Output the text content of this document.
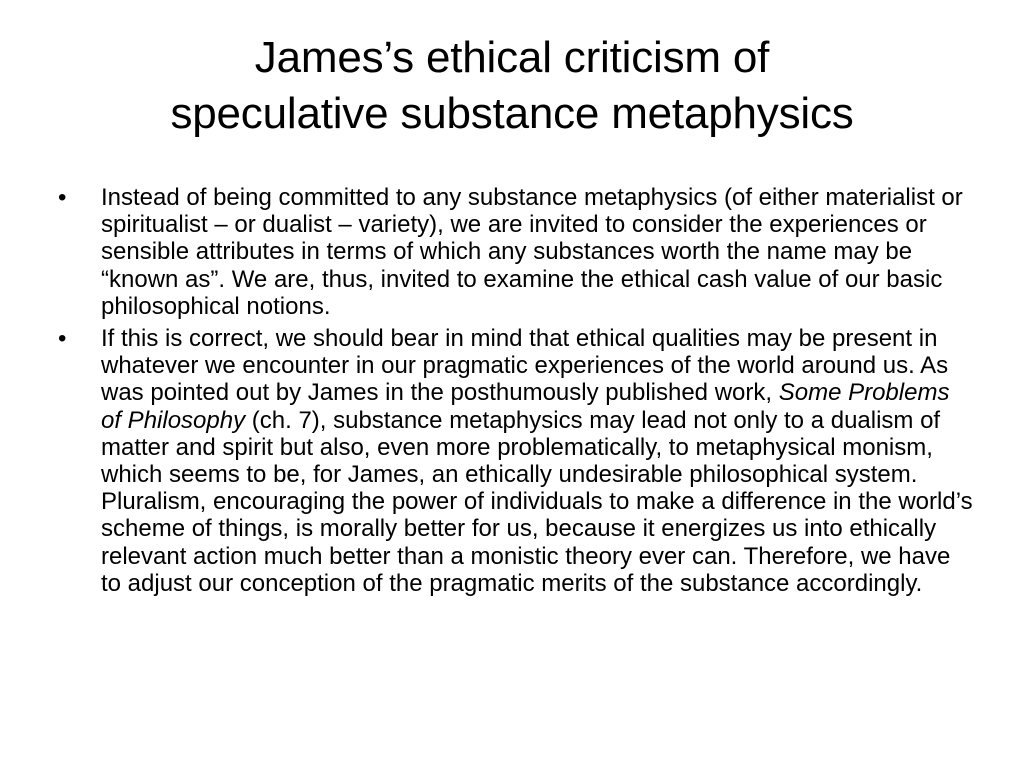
James’s ethical criticism of
speculative substance metaphysics
•	Instead of being committed to any substance metaphysics (of either materialist or spiritualist – or dualist – variety), we are invited to consider the experiences or sensible attributes in terms of which any substances worth the name may be “known as”. We are, thus, invited to examine the ethical cash value of our basic philosophical notions.
•	If this is correct, we should bear in mind that ethical qualities may be present in whatever we encounter in our pragmatic experiences of the world around us. As was pointed out by James in the posthumously published work, Some Problems of Philosophy (ch. 7), substance metaphysics may lead not only to a dualism of matter and spirit but also, even more problematically, to metaphysical monism, which seems to be, for James, an ethically undesirable philosophical system. Pluralism, encouraging the power of individuals to make a difference in the world’s scheme of things, is morally better for us, because it energizes us into ethically relevant action much better than a monistic theory ever can. Therefore, we have to adjust our conception of the pragmatic merits of the substance accordingly.
